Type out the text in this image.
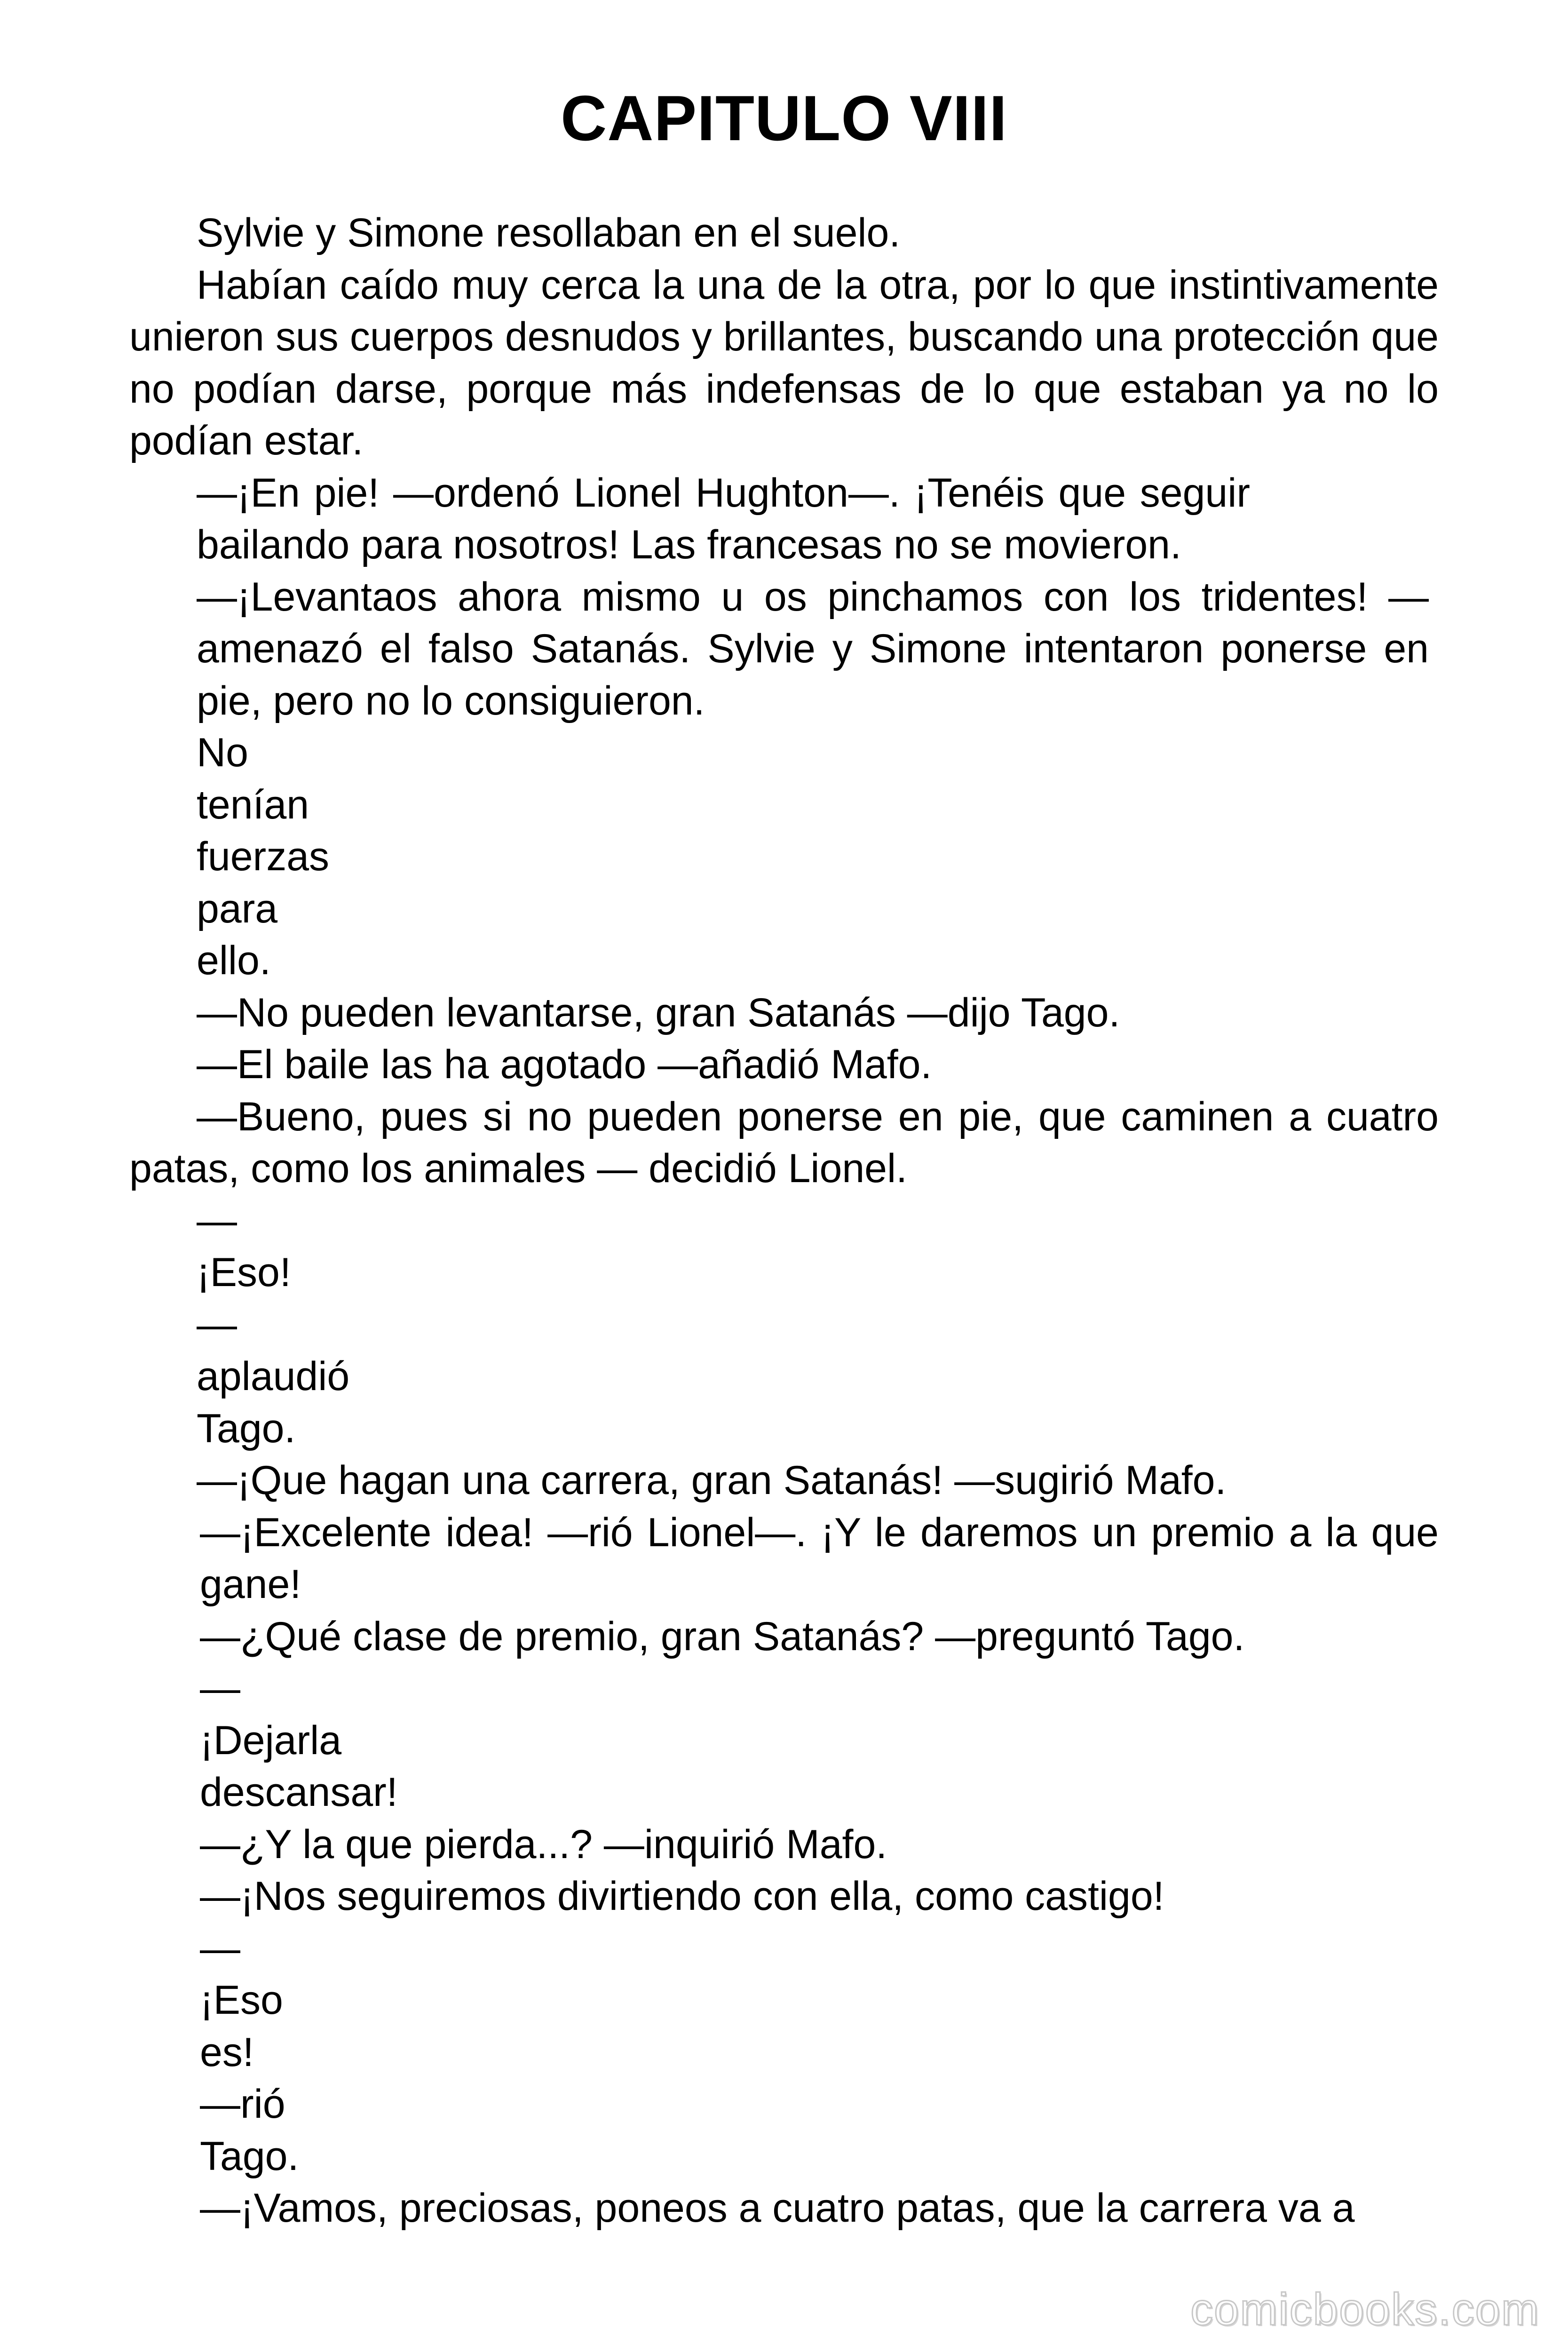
CAPITULO VIII

Sylvie y Simone resollaban en el suelo.

Habían caído muy cerca la una de la otra, por lo que instintivamente unieron sus cuerpos desnudos y brillantes, buscando una protección que no podían darse, porque más indefensas de lo que estaban ya no lo podían estar.

—¡En pie! —ordenó Lionel Hughton—. ¡Tenéis que seguir bailando para nosotros! Las francesas no se movieron.

—¡Levantaos ahora mismo u os pinchamos con los tridentes! —amenazó el falso Satanás. Sylvie y Simone intentaron ponerse en pie, pero no lo consiguieron.

No

tenían

fuerzas

para

ello.

—No pueden levantarse, gran Satanás —dijo Tago.

—El baile las ha agotado —añadió Mafo.

—Bueno, pues si no pueden ponerse en pie, que caminen a cuatro patas, como los animales — decidió Lionel.

—

¡Eso!

—

aplaudió

Tago.

—¡Que hagan una carrera, gran Satanás! —sugirió Mafo.

—¡Excelente idea! —rió Lionel—. ¡Y le daremos un premio a la que gane!

—¿Qué clase de premio, gran Satanás? —preguntó Tago.

—

¡Dejarla

descansar!

—¿Y la que pierda...? —inquirió Mafo.

—¡Nos seguiremos divirtiendo con ella, como castigo!

—

¡Eso

es!

—rió

Tago.

—¡Vamos, preciosas, poneos a cuatro patas, que la carrera va a

comicbooks.com
